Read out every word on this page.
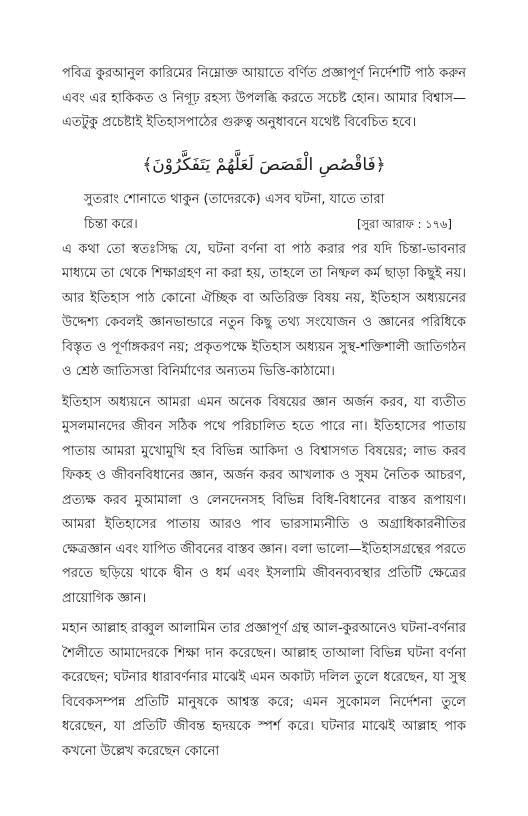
পবিত্র কুরআনুল কারিমের নিম্নোক্ত আয়াতে বর্ণিত প্রজ্ঞাপূর্ণ নির্দেশটি পাঠ করুন এবং এর হাকিকত ও নিগূঢ় রহস্য উপলব্ধি করতে সচেষ্ট হোন। আমার বিশ্বাস—এতটুকু প্রচেষ্টাই ইতিহাসপাঠের গুরুত্ব অনুধাবনে যথেষ্ট বিবেচিত হবে।

﴿فَاقْصُصِ الْقَصَصَ لَعَلَّهُمْ يَتَفَكَّرُوْنَ﴾
সুতরাং শোনাতে থাকুন (তাদেরকে) এসব ঘটনা, যাতে তারা
চিন্তা করে।	[সুরা আরাফ : ১৭৬]

এ কথা তো স্বতঃসিদ্ধ যে, ঘটনা বর্ণনা বা পাঠ করার পর যদি চিন্তা-ভাবনার মাধ্যমে তা থেকে শিক্ষাগ্রহণ না করা হয়, তাহলে তা নিষ্ফল কর্ম ছাড়া কিছুই নয়। আর ইতিহাস পাঠ কোনো ঐচ্ছিক বা অতিরিক্ত বিষয় নয়, ইতিহাস অধ্যয়নের উদ্দেশ্য কেবলই জ্ঞানভান্ডারে নতুন কিছু তথ্য সংযোজন ও জ্ঞানের পরিধিকে বিস্তৃত ও পূর্ণাঙ্গকরণ নয়; প্রকৃতপক্ষে ইতিহাস অধ্যয়ন সুস্থ-শক্তিশালী জাতিগঠন ও শ্রেষ্ঠ জাতিসত্তা বিনির্মাণের অন্যতম ভিত্তি-কাঠামো।

ইতিহাস অধ্যয়নে আমরা এমন অনেক বিষয়ের জ্ঞান অর্জন করব, যা ব্যতীত মুসলমানদের জীবন সঠিক পথে পরিচালিত হতে পারে না। ইতিহাসের পাতায় পাতায় আমরা মুখোমুখি হব বিভিন্ন আকিদা ও বিশ্বাসগত বিষয়ের; লাভ করব ফিকহ ও জীবনবিধানের জ্ঞান, অর্জন করব আখলাক ও সুষম নৈতিক আচরণ, প্রত্যক্ষ করব মুআমালা ও লেনদেনসহ বিভিন্ন বিধি-বিধানের বাস্তব রূপায়ণ। আমরা ইতিহাসের পাতায় আরও পাব ভারসাম্যনীতি ও অগ্রাধিকারনীতির ক্ষেত্রজ্ঞান এবং যাপিত জীবনের বাস্তব জ্ঞান। বলা ভালো—ইতিহাসগ্রন্থের পরতে পরতে ছড়িয়ে থাকে দ্বীন ও ধর্ম এবং ইসলামি জীবনব্যবস্থার প্রতিটি ক্ষেত্রের প্রায়োগিক জ্ঞান।

মহান আল্লাহ রাব্বুল আলামিন তার প্রজ্ঞাপূর্ণ গ্রন্থ আল-কুরআনেও ঘটনা-বর্ণনার শৈলীতে আমাদেরকে শিক্ষা দান করেছেন। আল্লাহ তাআলা বিভিন্ন ঘটনা বর্ণনা করেছেন; ঘটনার ধারাবর্ণনার মাঝেই এমন অকাট্য দলিল তুলে ধরেছেন, যা সুস্থ বিবেকসম্পন্ন প্রতিটি মানুষকে আশ্বস্ত করে; এমন সুকোমল নির্দেশনা তুলে ধরেছেন, যা প্রতিটি জীবন্ত হৃদয়কে স্পর্শ করে। ঘটনার মাঝেই আল্লাহ পাক কখনো উল্লেখ করেছেন কোনো
